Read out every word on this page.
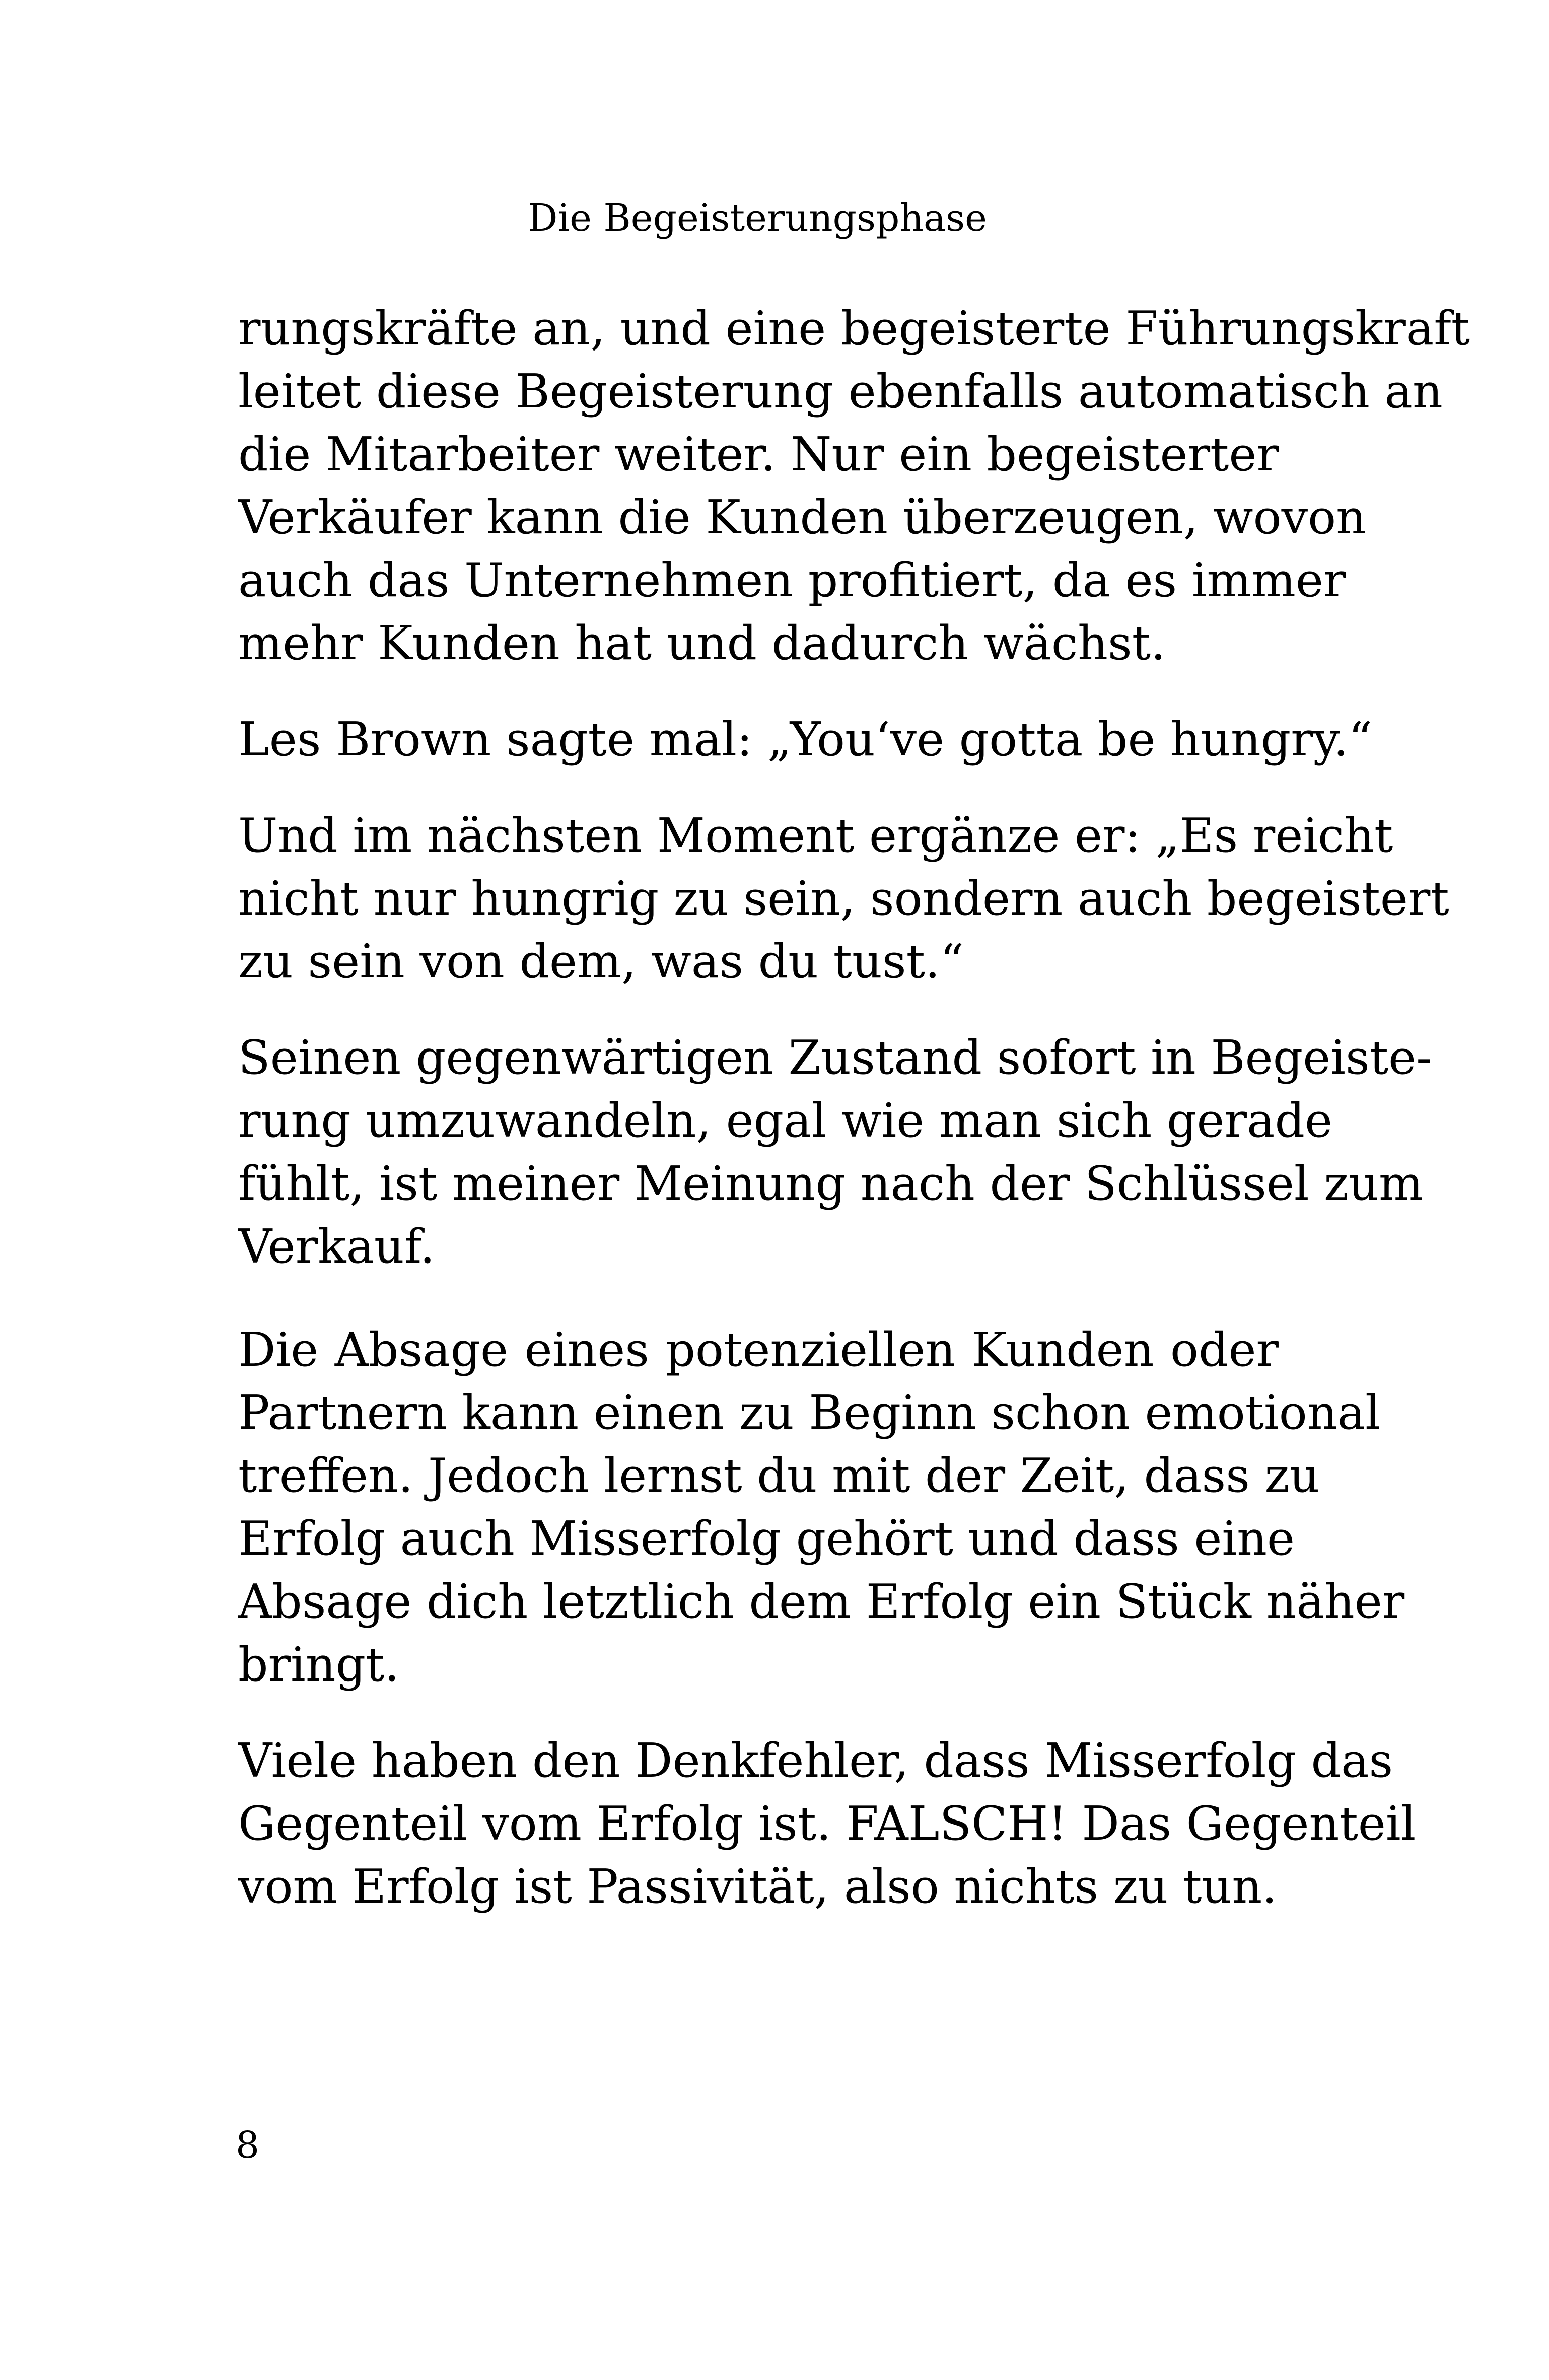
Die Begeisterungsphase

rungskräfte an, und eine begeisterte Führungskraft
leitet diese Begeisterung ebenfalls automatisch an
die Mitarbeiter weiter. Nur ein begeisterter
Verkäufer kann die Kunden überzeugen, wovon
auch das Unternehmen profitiert, da es immer
mehr Kunden hat und dadurch wächst.

Les Brown sagte mal: „You‘ve gotta be hungry.“

Und im nächsten Moment ergänze er: „Es reicht
nicht nur hungrig zu sein, sondern auch begeistert
zu sein von dem, was du tust.“

Seinen gegenwärtigen Zustand sofort in Begeiste-
rung umzuwandeln, egal wie man sich gerade
fühlt, ist meiner Meinung nach der Schlüssel zum
Verkauf.

Die Absage eines potenziellen Kunden oder
Partnern kann einen zu Beginn schon emotional
treffen. Jedoch lernst du mit der Zeit, dass zu
Erfolg auch Misserfolg gehört und dass eine
Absage dich letztlich dem Erfolg ein Stück näher
bringt.

Viele haben den Denkfehler, dass Misserfolg das
Gegenteil vom Erfolg ist. FALSCH! Das Gegenteil
vom Erfolg ist Passivität, also nichts zu tun.

8
